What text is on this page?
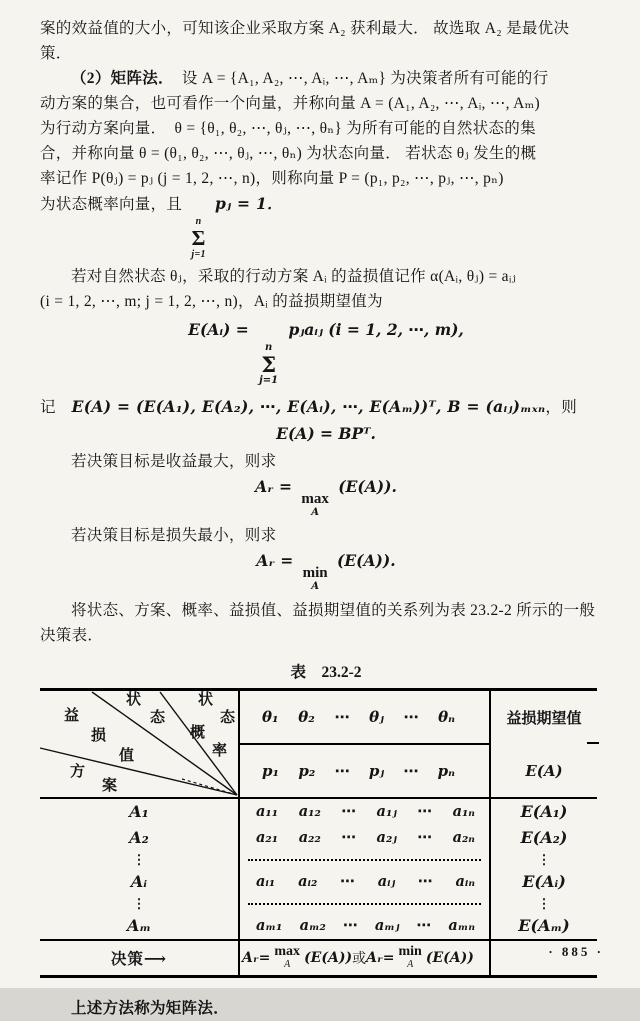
案的效益值的大小，可知该企业采取方案 A₂ 获利最大． 故选取 A₂ 是最优决
策．

（2）矩阵法．　设 A = {A₁, A₂, ⋯, Aᵢ, ⋯, Aₘ} 为决策者所有可能的行
动方案的集合，也可看作一个向量，并称向量 A = (A₁, A₂, ⋯, Aᵢ, ⋯, Aₘ)
为行动方案向量．　θ = {θ₁, θ₂, ⋯, θⱼ, ⋯, θₙ} 为所有可能的自然状态的集
合，并称向量 θ = (θ₁, θ₂, ⋯, θⱼ, ⋯, θₙ) 为状态向量． 若状态 θⱼ 发生的概
率记作 P(θⱼ) = pⱼ (j = 1, 2, ⋯, n)，则称向量 P = (p₁, p₂, ⋯, pⱼ, ⋯, pₙ)
为状态概率向量，且
n
Σ
j=1
pⱼ = 1．

若对自然状态 θⱼ，采取的行动方案 Aᵢ 的益损值记作 α(Aᵢ, θⱼ) = aᵢⱼ
(i = 1, 2, ⋯, m; j = 1, 2, ⋯, n)，Aᵢ 的益损期望值为

E(Aᵢ) =
n
Σ
j=1
pⱼaᵢⱼ (i = 1, 2, ⋯, m),

记　 E(A) = (E(A₁), E(A₂), ⋯, E(Aᵢ), ⋯, E(Aₘ))ᵀ, B = (aᵢⱼ)ₘₓₙ，则

E(A) = BPᵀ.

若决策目标是收益最大，则求

Aᵣ =
max
A
(E(A)).

若决策目标是损失最小，则求

Aᵣ =
min
A
(E(A)).

将状态、方案、概率、益损值、益损期望值的关系列为表 23.2-2 所示的一般
决策表．

表　23.2-2
状
态
状
态
概
率
益
损
值
方
案
θ₁ θ₂ ⋯ θⱼ ⋯ θₙ
p₁ p₂ ⋯ pⱼ ⋯ pₙ
益损期望值
E(A)
A₁	a₁₁ a₁₂ ⋯ a₁ⱼ ⋯ a₁ₙ	E(A₁)
A₂	a₂₁ a₂₂ ⋯ a₂ⱼ ⋯ a₂ₙ	E(A₂)
⋮	⋮
Aᵢ	aᵢ₁ aᵢ₂ ⋯ aᵢⱼ ⋯ aᵢₙ	E(Aᵢ)
⋮	⋮
Aₘ	aₘ₁ aₘ₂ ⋯ aₘⱼ ⋯ aₘₙ	E(Aₘ)
决策⟶	Aᵣ= max
A (E(A)) 或 Aᵣ= min
A (E(A))

上述方法称为矩阵法．

· 885 ·
